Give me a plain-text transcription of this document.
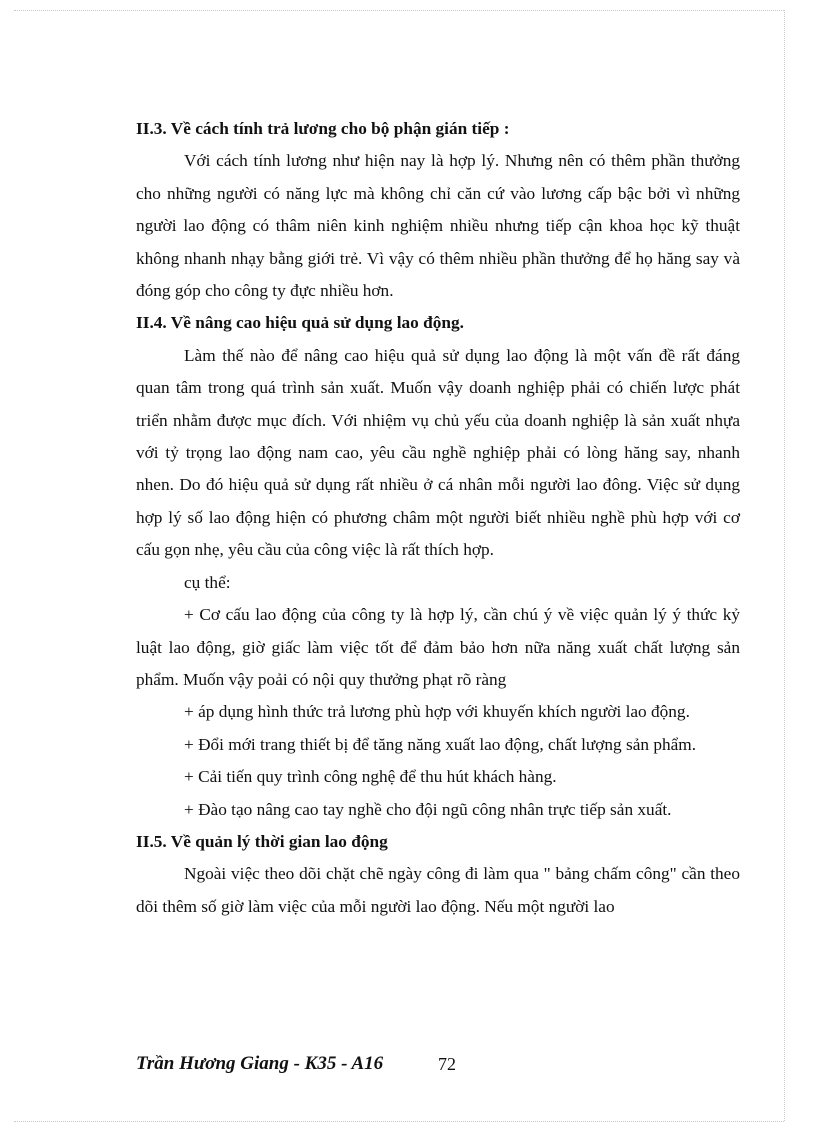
II.3. Về cách tính trả lương cho bộ phận gián tiếp :

Với cách tính lương như hiện nay là hợp lý. Nhưng nên có thêm phần thưởng cho những người có năng lực mà không chỉ căn cứ vào lương cấp bậc bởi vì những người lao động có thâm niên kinh nghiệm nhiều nhưng tiếp cận khoa học kỹ thuật không nhanh nhạy bằng giới trẻ. Vì vậy có thêm nhiều phần thưởng để họ hăng say và đóng góp cho công ty đực nhiều hơn.

II.4. Về nâng cao hiệu quả sử dụng lao động.

Làm thế nào để nâng cao hiệu quả sử dụng lao động là một vấn đề rất đáng quan tâm trong quá trình sản xuất. Muốn vậy doanh nghiệp phải có chiến lược phát triển nhằm được mục đích. Với nhiệm vụ chủ yếu của doanh nghiệp là sản xuất nhựa với tỷ trọng lao động nam cao, yêu cầu nghề nghiệp phải có lòng hăng say, nhanh nhen. Do đó hiệu quả sử dụng rất nhiều ở cá nhân mỗi người lao đông. Việc sử dụng hợp lý số lao động hiện có phương châm một người biết nhiều nghề phù hợp với cơ cấu gọn nhẹ, yêu cầu của công việc là rất thích hợp.

cụ thể:

+ Cơ cấu lao động của công ty là hợp lý, cần chú ý về việc quản lý ý thức kỷ luật lao động, giờ giấc làm việc tốt để đảm bảo hơn nữa năng xuất chất lượng sản phẩm. Muốn vậy poải có nội quy thưởng phạt rõ ràng

+ áp dụng hình thức trả lương phù hợp với khuyến khích người lao động.

+ Đổi mới trang thiết bị để tăng năng xuất lao động, chất lượng sản phẩm.

+ Cải tiến quy trình công nghệ để thu hút khách hàng.

+ Đào tạo nâng cao tay nghề cho đội ngũ công nhân trực tiếp sản xuất.

II.5. Về quản lý thời gian lao động

Ngoài việc theo dõi chặt chẽ ngày công đi làm qua " bảng chấm công" cần theo dõi thêm số giờ làm việc của mỗi người lao động. Nếu một người lao

Trần Hương Giang - K35 - A16	72
